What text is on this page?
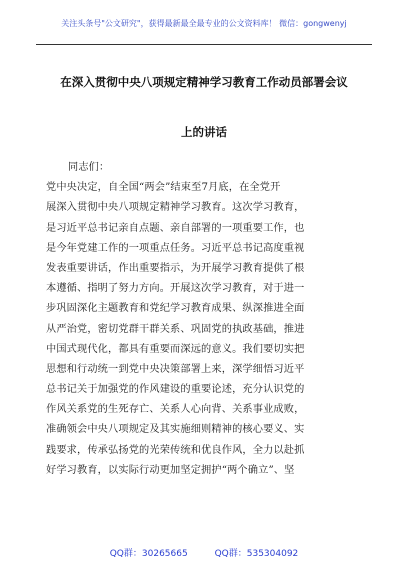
关注头条号"公文研究"，获得最新最全最专业的公文资料库！ 微信：gongwenyj
在深入贯彻中央八项规定精神学习教育工作动员部署会议
上的讲话
同志们：
党中央决定，自全国“两会”结束至7月底，在全党开
展深入贯彻中央八项规定精神学习教育。这次学习教育，
是习近平总书记亲自点题、亲自部署的一项重要工作，也
是今年党建工作的一项重点任务。习近平总书记高度重视
发表重要讲话，作出重要指示，为开展学习教育提供了根
本遵循、指明了努力方向。开展这次学习教育，对于进一
步巩固深化主题教育和党纪学习教育成果、纵深推进全面
从严治党，密切党群干群关系、巩固党的执政基础，推进
中国式现代化，都具有重要而深远的意义。我们要切实把
思想和行动统一到党中央决策部署上来，深学细悟习近平
总书记关于加强党的作风建设的重要论述，充分认识党的
作风关系党的生死存亡、关系人心向背、关系事业成败，
准确领会中央八项规定及其实施细则精神的核心要义、实
践要求，传承弘扬党的光荣传统和优良作风，全力以赴抓
好学习教育，以实际行动更加坚定拥护“两个确立”、坚
QQ群：30265665	QQ群：535304092
